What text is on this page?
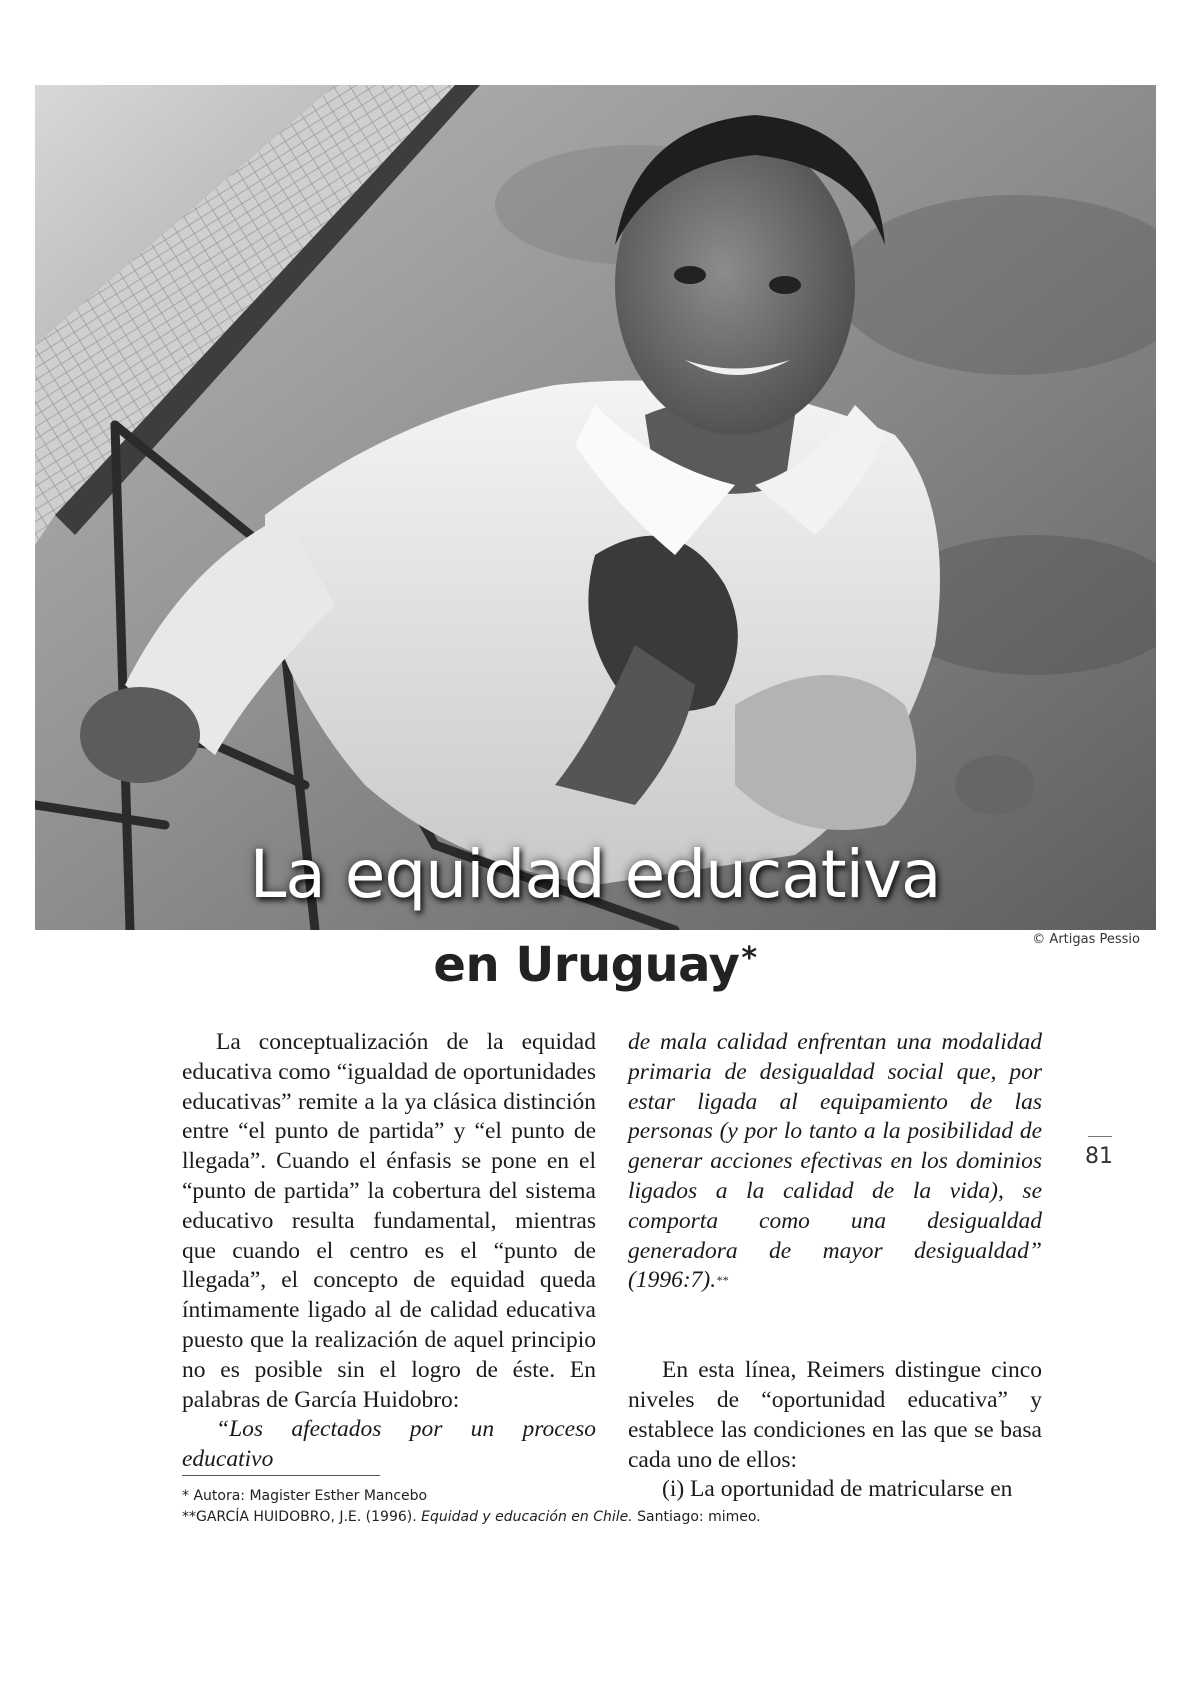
La equidad educativa
en Uruguay*
© Artigas Pessio

La conceptualización de la equidad educativa como “igualdad de oportunidades educativas” remite a la ya clásica distinción entre “el punto de partida” y “el punto de llegada”. Cuando el énfasis se pone en el “punto de partida” la cobertura del sistema educativo resulta fundamental, mientras que cuando el centro es el “punto de llegada”, el concepto de equidad queda íntimamente ligado al de calidad educativa puesto que la realización de aquel principio no es posible sin el logro de éste. En palabras de García Huidobro:

“Los afectados por un proceso educativo

de mala calidad enfrentan una modalidad primaria de desigualdad social que, por estar ligada al equipamiento de las personas (y por lo tanto a la posibilidad de generar acciones efectivas en los dominios ligados a la calidad de la vida), se comporta como una desigualdad generadora de mayor desigualdad” (1996:7).**

En esta línea, Reimers distingue cinco niveles de “oportunidad educativa” y establece las condiciones en las que se basa cada uno de ellos:

(i) La oportunidad de matricularse en

81

* Autora: Magister Esther Mancebo

**GARCÍA HUIDOBRO, J.E. (1996). Equidad y educación en Chile. Santiago: mimeo.
